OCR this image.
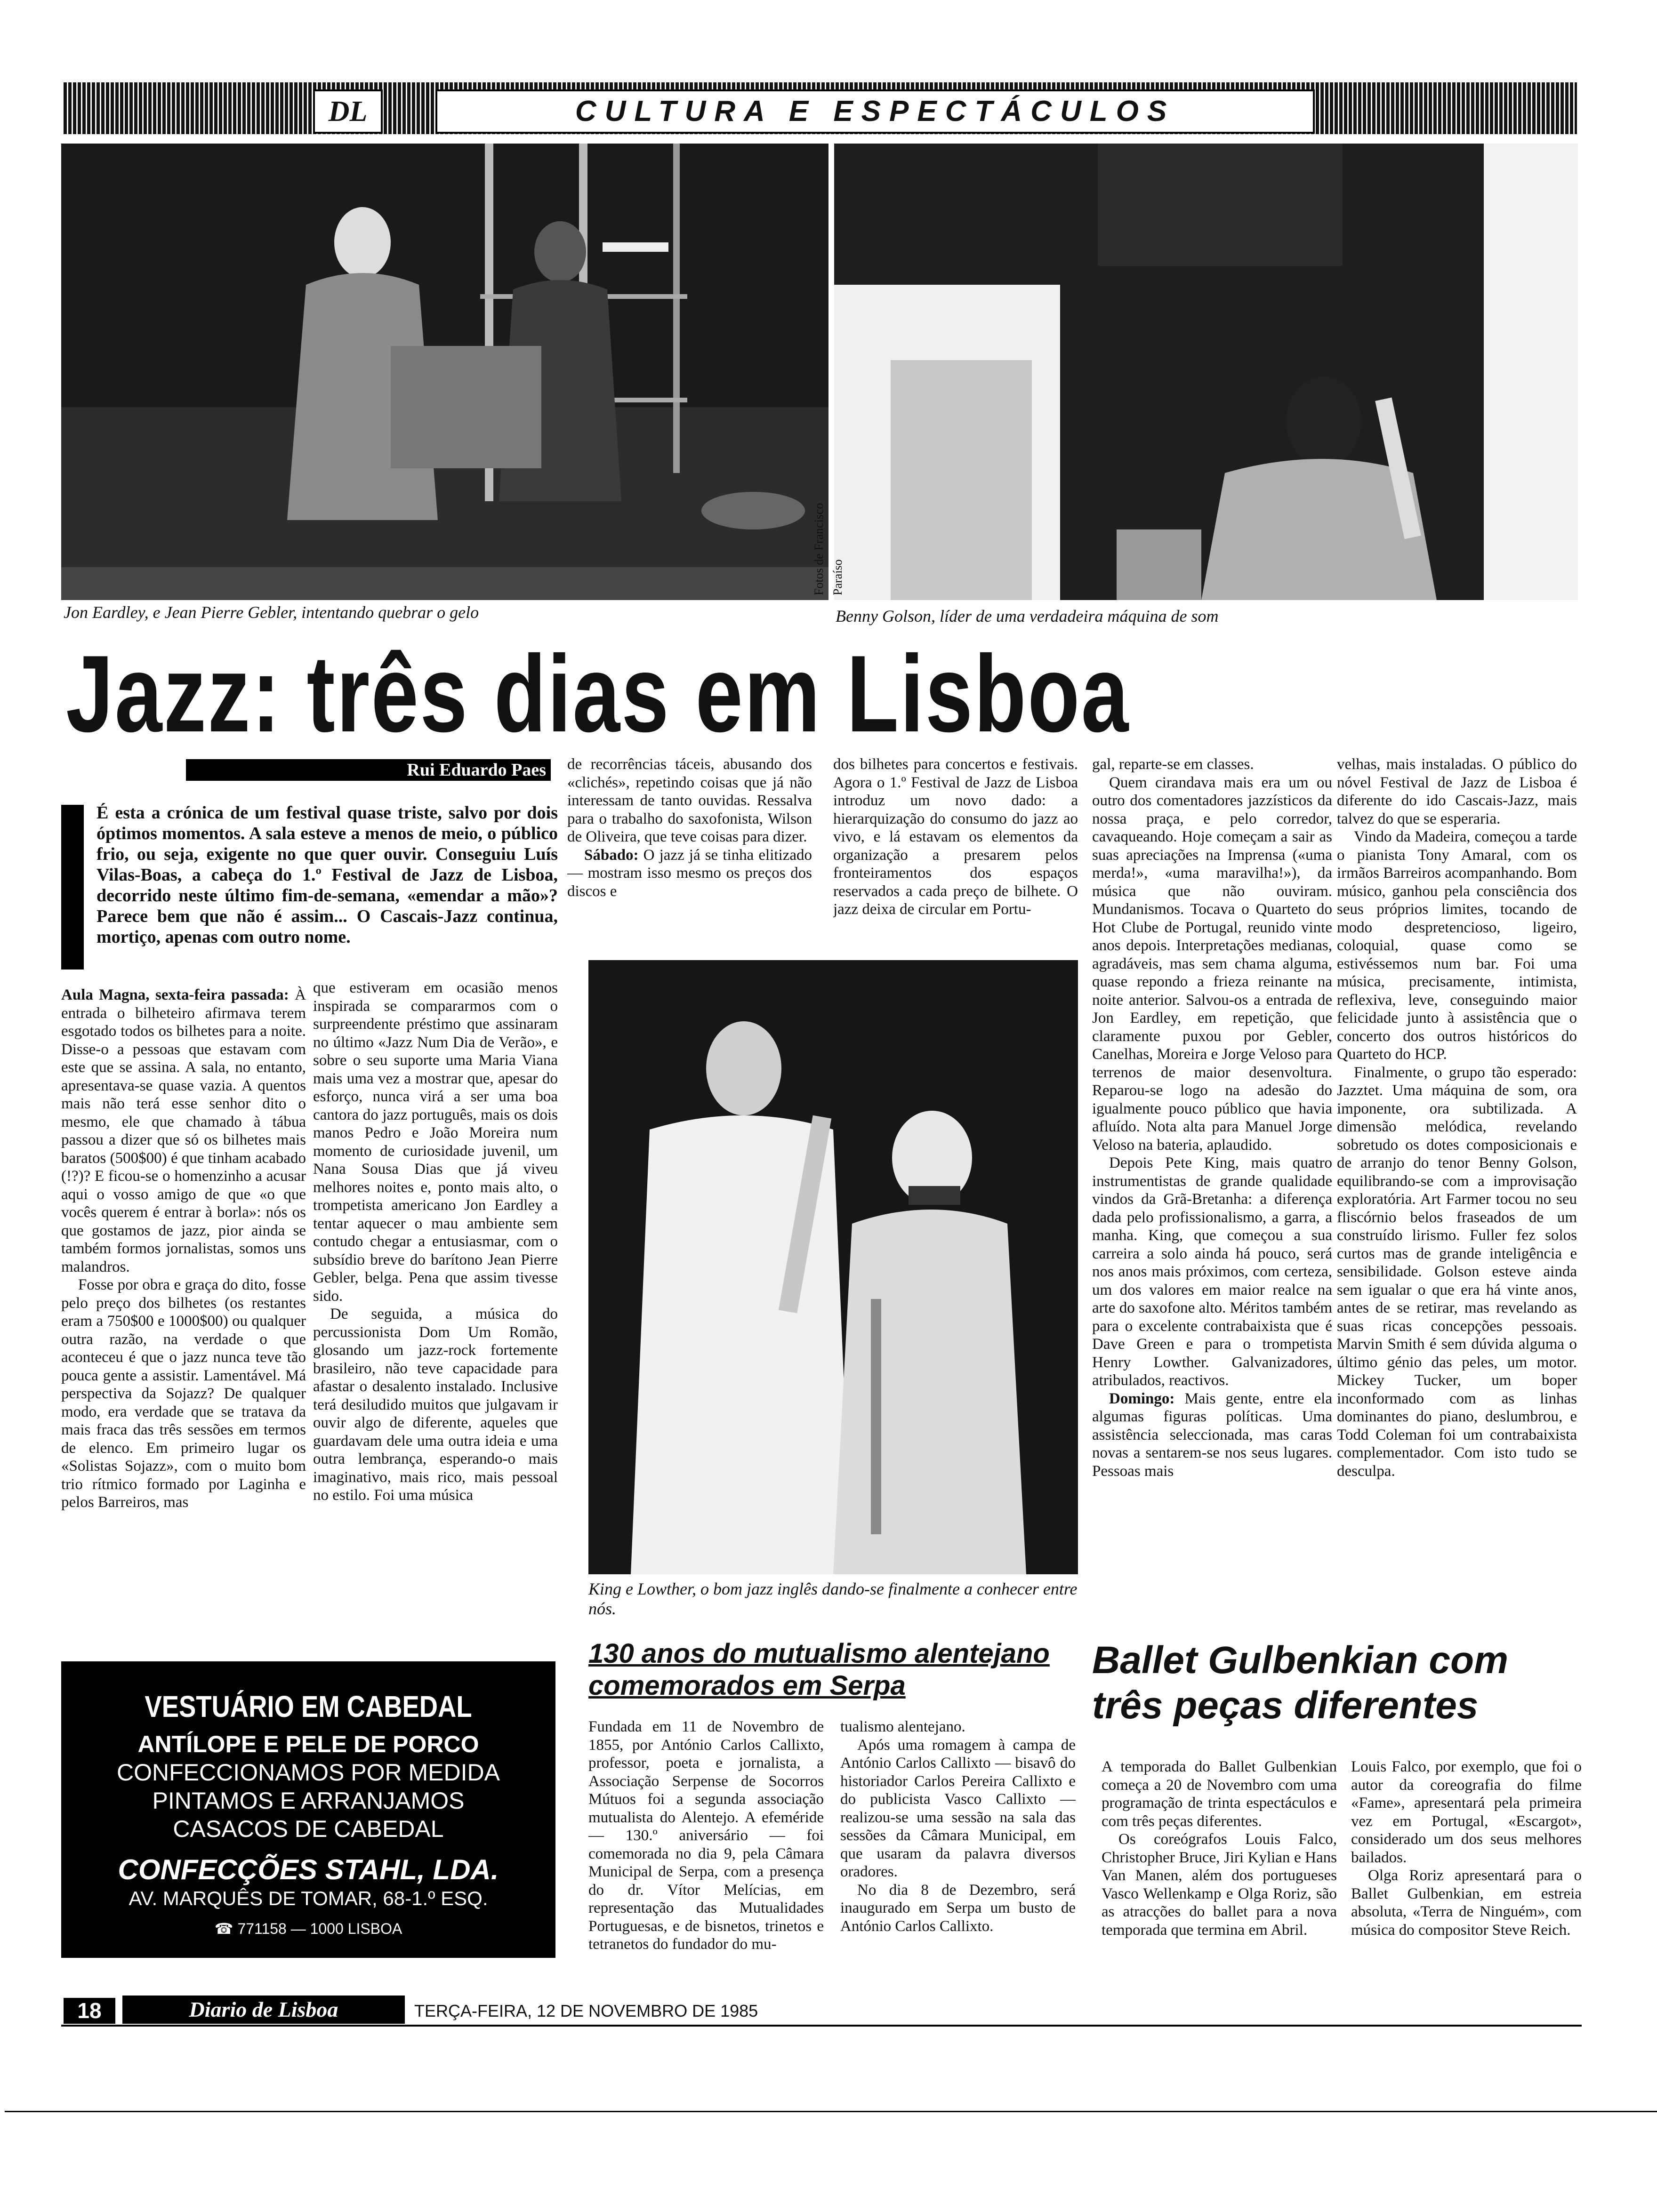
DL	CULTURA E ESPECTÁCULOS
Fotos de Francisco Paraíso
Jon Eardley, e Jean Pierre Gebler, intentando quebrar o gelo	Benny Golson, líder de uma verdadeira máquina de som
Jazz: três dias em Lisboa
Rui Eduardo Paes

É esta a crónica de um festival quase triste, salvo por dois óptimos momentos. A sala esteve a menos de meio, o público frio, ou seja, exigente no que quer ouvir. Conseguiu Luís Vilas-Boas, a cabeça do 1.º Festival de Jazz de Lisboa, decorrido neste último fim-de-semana, «emendar a mão»? Parece bem que não é assim... O Cascais-Jazz continua, mortiço, apenas com outro nome.

Aula Magna, sexta-feira passada: À entrada o bilheteiro afirmava terem esgotado todos os bilhetes para a noite. Disse-o a pessoas que estavam com este que se assina. A sala, no entanto, apresentava-se quase vazia. A quentos mais não terá esse senhor dito o mesmo, ele que chamado à tábua passou a dizer que só os bilhetes mais baratos (500$00) é que tinham acabado (!?)? E ficou-se o homenzinho a acusar aqui o vosso amigo de que «o que vocês querem é entrar à borla»: nós os que gostamos de jazz, pior ainda se também formos jornalistas, somos uns malandros.

Fosse por obra e graça do dito, fosse pelo preço dos bilhetes (os restantes eram a 750$00 e 1000$00) ou qualquer outra razão, na verdade o que aconteceu é que o jazz nunca teve tão pouca gente a assistir. Lamentável. Má perspectiva da Sojazz? De qualquer modo, era verdade que se tratava da mais fraca das três sessões em termos de elenco. Em primeiro lugar os «Solistas Sojazz», com o muito bom trio rítmico formado por Laginha e pelos Barreiros, mas

que estiveram em ocasião menos inspirada se compararmos com o surpreendente préstimo que assinaram no último «Jazz Num Dia de Verão», e sobre o seu suporte uma Maria Viana mais uma vez a mostrar que, apesar do esforço, nunca virá a ser uma boa cantora do jazz português, mais os dois manos Pedro e João Moreira num momento de curiosidade juvenil, um Nana Sousa Dias que já viveu melhores noites e, ponto mais alto, o trompetista americano Jon Eardley a tentar aquecer o mau ambiente sem contudo chegar a entusiasmar, com o subsídio breve do barítono Jean Pierre Gebler, belga. Pena que assim tivesse sido.

De seguida, a música do percussionista Dom Um Romão, glosando um jazz-rock fortemente brasileiro, não teve capacidade para afastar o desalento instalado. Inclusive terá desiludido muitos que julgavam ir ouvir algo de diferente, aqueles que guardavam dele uma outra ideia e uma outra lembrança, esperando-o mais imaginativo, mais rico, mais pessoal no estilo. Foi uma música

de recorrências táceis, abusando dos «clichés», repetindo coisas que já não interessam de tanto ouvidas. Ressalva para o trabalho do saxofonista, Wilson de Oliveira, que teve coisas para dizer.

Sábado: O jazz já se tinha elitizado — mostram isso mesmo os preços dos discos e

dos bilhetes para concertos e festivais. Agora o 1.º Festival de Jazz de Lisboa introduz um novo dado: a hierarquização do consumo do jazz ao vivo, e lá estavam os elementos da organização a presarem pelos fronteiramentos dos espaços reservados a cada preço de bilhete. O jazz deixa de circular em Portu-

King e Lowther, o bom jazz inglês dando-se finalmente a conhecer entre nós.

gal, reparte-se em classes.

Quem cirandava mais era um ou outro dos comentadores jazzísticos da nossa praça, e pelo corredor, cavaqueando. Hoje começam a sair as suas apreciações na Imprensa («uma merda!», «uma maravilha!»), da música que não ouviram. Mundanismos. Tocava o Quarteto do Hot Clube de Portugal, reunido vinte anos depois. Interpretações medianas, agradáveis, mas sem chama alguma, quase repondo a frieza reinante na noite anterior. Salvou-os a entrada de Jon Eardley, em repetição, que claramente puxou por Gebler, Canelhas, Moreira e Jorge Veloso para terrenos de maior desenvoltura. Reparou-se logo na adesão do igualmente pouco público que havia afluído. Nota alta para Manuel Jorge Veloso na bateria, aplaudido.

Depois Pete King, mais quatro instrumentistas de grande qualidade vindos da Grã-Bretanha: a diferença dada pelo profissionalismo, a garra, a manha. King, que começou a sua carreira a solo ainda há pouco, será nos anos mais próximos, com certeza, um dos valores em maior realce na arte do saxofone alto. Méritos também para o excelente contrabaixista que é Dave Green e para o trompetista Henry Lowther. Galvanizadores, atribulados, reactivos.

Domingo: Mais gente, entre ela algumas figuras políticas. Uma assistência seleccionada, mas caras novas a sentarem-se nos seus lugares. Pessoas mais

velhas, mais instaladas. O público do nóvel Festival de Jazz de Lisboa é diferente do ido Cascais-Jazz, mais talvez do que se esperaria.

Vindo da Madeira, começou a tarde o pianista Tony Amaral, com os irmãos Barreiros acompanhando. Bom músico, ganhou pela consciência dos seus próprios limites, tocando de modo despretencioso, ligeiro, coloquial, quase como se estivéssemos num bar. Foi uma música, precisamente, intimista, reflexiva, leve, conseguindo maior felicidade junto à assistência que o concerto dos outros históricos do Quarteto do HCP.

Finalmente, o grupo tão esperado: Jazztet. Uma máquina de som, ora imponente, ora subtilizada. A dimensão melódica, revelando sobretudo os dotes composicionais e de arranjo do tenor Benny Golson, equilibrando-se com a improvisação exploratória. Art Farmer tocou no seu fliscórnio belos fraseados de um construído lirismo. Fuller fez solos curtos mas de grande inteligência e sensibilidade. Golson esteve ainda sem igualar o que era há vinte anos, antes de se retirar, mas revelando as suas ricas concepções pessoais. Marvin Smith é sem dúvida alguma o último génio das peles, um motor. Mickey Tucker, um boper inconformado com as linhas dominantes do piano, deslumbrou, e Todd Coleman foi um contrabaixista complementador. Com isto tudo se desculpa.

VESTUÁRIO EM CABEDAL
ANTÍLOPE E PELE DE PORCO
CONFECCIONAMOS POR MEDIDA
PINTAMOS E ARRANJAMOS
CASACOS DE CABEDAL
CONFECÇÕES STAHL, LDA.
AV. MARQUÊS DE TOMAR, 68-1.º ESQ.
☎ 771158 — 1000 LISBOA
130 anos do mutualismo alentejano comemorados em Serpa

Fundada em 11 de Novembro de 1855, por António Carlos Callixto, professor, poeta e jornalista, a Associação Serpense de Socorros Mútuos foi a segunda associação mutualista do Alentejo. A efeméride — 130.º aniversário — foi comemorada no dia 9, pela Câmara Municipal de Serpa, com a presença do dr. Vítor Melícias, em representação das Mutualidades Portuguesas, e de bisnetos, trinetos e tetranetos do fundador do mu-

tualismo alentejano.

Após uma romagem à campa de António Carlos Callixto — bisavô do historiador Carlos Pereira Callixto e do publicista Vasco Callixto — realizou-se uma sessão na sala das sessões da Câmara Municipal, em que usaram da palavra diversos oradores.

No dia 8 de Dezembro, será inaugurado em Serpa um busto de António Carlos Callixto.

Ballet Gulbenkian com três peças diferentes

A temporada do Ballet Gulbenkian começa a 20 de Novembro com uma programação de trinta espectáculos e com três peças diferentes.

Os coreógrafos Louis Falco, Christopher Bruce, Jiri Kylian e Hans Van Manen, além dos portugueses Vasco Wellenkamp e Olga Roriz, são as atracções do ballet para a nova temporada que termina em Abril.

Louis Falco, por exemplo, que foi o autor da coreografia do filme «Fame», apresentará pela primeira vez em Portugal, «Escargot», considerado um dos seus melhores bailados.

Olga Roriz apresentará para o Ballet Gulbenkian, em estreia absoluta, «Terra de Ninguém», com música do compositor Steve Reich.

18	Diario de Lisboa	TERÇA-FEIRA, 12 DE NOVEMBRO DE 1985
